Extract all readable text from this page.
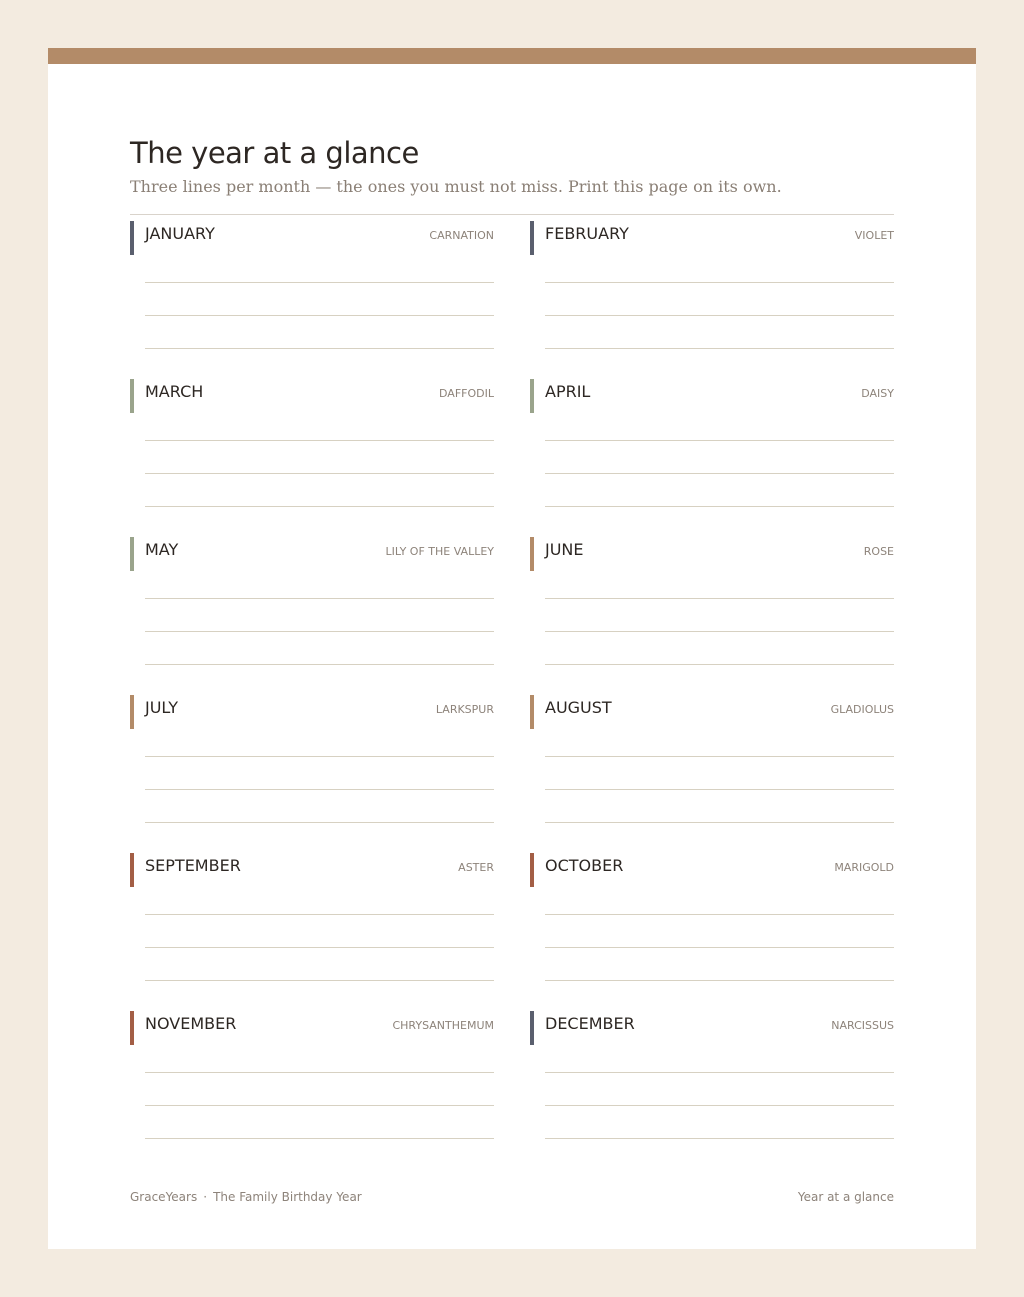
The year at a glance

Three lines per month — the ones you must not miss. Print this page on its own.

JANUARY	CARNATION	FEBRUARY	VIOLET
MARCH	DAFFODIL	APRIL	DAISY
MAY	LILY OF THE VALLEY	JUNE	ROSE
JULY	LARKSPUR	AUGUST	GLADIOLUS
SEPTEMBER	ASTER	OCTOBER	MARIGOLD
NOVEMBER	CHRYSANTHEMUM	DECEMBER	NARCISSUS
GraceYears · The Family Birthday Year	Year at a glance
